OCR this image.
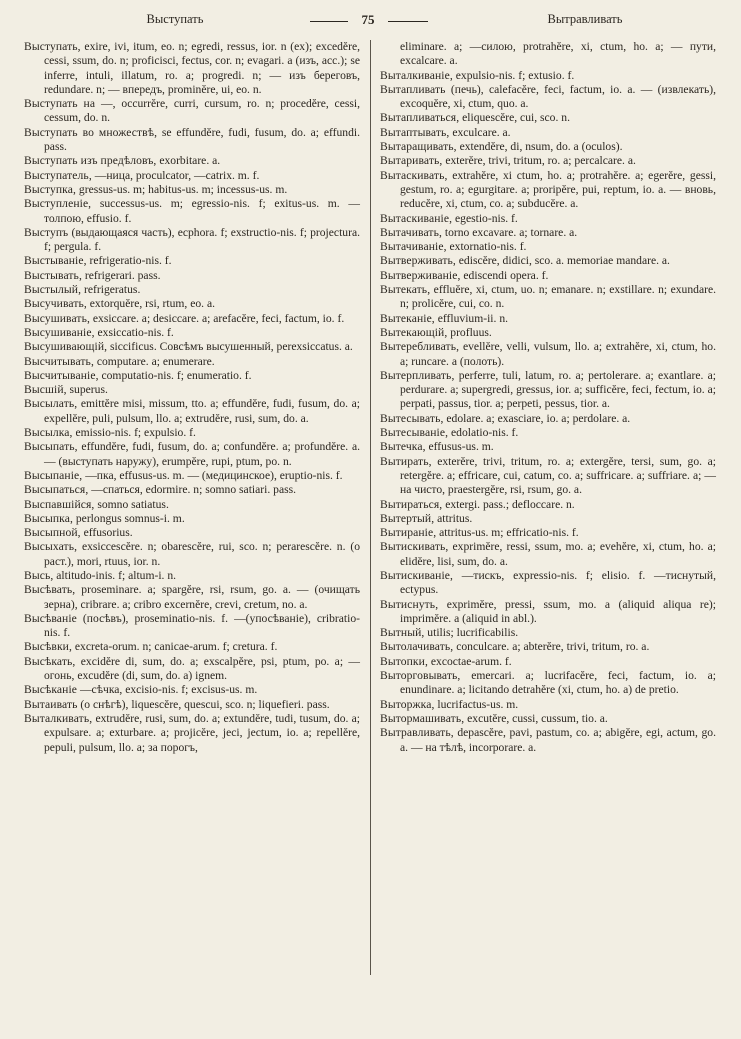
Выступать	75	Вытравливать

Выступать, exire, ivi, itum, eo. n; egredi, ressus, ior. n (ex); excedĕre, cessi, ssum, do. n; proficisci, fectus, cor. n; evagari. a (изъ, acc.); se inferre, intuli, illatum, ro. a; progredi. n; — изъ береговъ, redundare. n; — впередъ, prominĕre, ui, eo. n.

Выступать на —, occurrĕre, curri, cursum, ro. n; procedĕre, cessi, cessum, do. n.

Выступать во множествѣ, se effundĕre, fudi, fusum, do. a; effundi. pass.

Выступать изъ предѣловъ, exorbitare. a.

Выступатель, —ница, proculcator, —catrix. m. f.

Выступка, gressus-us. m; habitus-us. m; incessus-us. m.

Выступленіе, successus-us. m; egressio-nis. f; exitus-us. m. — толпою, effusio. f.

Выступъ (выдающаяся часть), ecphora. f; exstructio-nis. f; projectura. f; pergula. f.

Выстываніе, refrigeratio-nis. f.

Выстывать, refrigerari. pass.

Выстылый, refrigeratus.

Высучивать, extorquĕre, rsi, rtum, eo. a.

Высушивать, exsiccare. a; desiccare. a; arefacĕre, feci, factum, io. f.

Высушиваніе, exsiccatio-nis. f.

Высушивающій, siccificus. Совсѣмъ высушенный, perexsiccatus. a.

Высчитывать, computare. a; enumerare.

Высчитываніе, computatio-nis. f; enumeratio. f.

Высшій, superus.

Высылать, emittĕre misi, missum, tto. a; effundĕre, fudi, fusum, do. a; expellĕre, puli, pulsum, llo. a; extrudĕre, rusi, sum, do. a.

Высылка, emissio-nis. f; expulsio. f.

Высыпать, effundĕre, fudi, fusum, do. a; confundĕre. a; profundĕre. a. — (выступать наружу), erumpĕre, rupi, ptum, po. n.

Высыпаніе, —пка, effusus-us. m. — (медицинское), eruptio-nis. f.

Высыпаться, —спаться, edormire. n; somno satiari. pass.

Выспавшійся, somno satiatus.

Высыпка, perlongus somnus-i. m.

Высыпной, effusorius.

Высыхать, exsiccescĕre. n; obarescĕre, rui, sco. n; perarescĕre. n. (о раст.), mori, rtuus, ior. n.

Высь, altitudo-inis. f; altum-i. n.

Высѣвать, proseminare. a; spargĕre, rsi, rsum, go. a. — (очищать зерна), cribrare. a; cribro excernĕre, crevi, cretum, no. a.

Высѣваніе (посѣвъ), proseminatio-nis. f. —(упосѣваніе), cribratio-nis. f.

Высѣвки, excreta-orum. n; canicae-arum. f; cretura. f.

Высѣкать, excidĕre di, sum, do. a; exscalpĕre, psi, ptum, po. a; — огонь, excudĕre (di, sum, do. a) ignem.

Высѣканіе —сѣчка, excisio-nis. f; excisus-us. m.

Вытаивать (о снѣгѣ), liquescĕre, quescui, sco. n; liquefieri. pass.

Выталкивать, extrudĕre, rusi, sum, do. a; extundĕre, tudi, tusum, do. a; expulsare. a; exturbare. a; projicĕre, jeci, jectum, io. a; repellĕre, pepuli, pulsum, llo. a; за порогъ,

eliminare. a; —силою, protrahĕre, xi, ctum, ho. a; — пути, excalcare. a.

Выталкиваніе, expulsio-nis. f; extusio. f.

Вытапливать (печь), calefacĕre, feci, factum, io. a. — (извлекать), excoquĕre, xi, ctum, quo. a.

Вытапливаться, eliquescĕre, cui, sco. n.

Вытаптывать, exculcare. a.

Вытаращивать, extendĕre, di, nsum, do. a (oculos).

Вытаривать, exterĕre, trivi, tritum, ro. a; percalcare. a.

Вытаскивать, extrahĕre, xi ctum, ho. a; protrahĕre. a; egerĕre, gessi, gestum, ro. a; egurgitare. a; proripĕre, pui, reptum, io. a. — вновь, reducĕre, xi, ctum, co. a; subducĕre. a.

Вытаскиваніе, egestio-nis. f.

Вытачивать, torno excavare. a; tornare. a.

Вытачиваніе, extornatio-nis. f.

Вытверживать, ediscĕre, didici, sco. a. memoriae mandare. a.

Вытверживаніе, ediscendi opera. f.

Вытекать, effluĕre, xi, ctum, uo. n; emanare. n; exstillare. n; exundare. n; prolicĕre, cui, co. n.

Вытеканіе, effluvium-ii. n.

Вытекающій, profluus.

Вытеребливать, evellĕre, velli, vulsum, llo. a; extrahĕre, xi, ctum, ho. a; runcare. a (полоть).

Вытерпливать, perferre, tuli, latum, ro. a; pertolerare. a; exantlare. a; perdurare. a; supergredi, gressus, ior. a; sufficĕre, feci, fectum, io. a; perpati, passus, tior. a; perpeti, pessus, tior. a.

Вытесывать, edolare. a; exasciare, io. a; perdolare. a.

Вытесываніе, edolatio-nis. f.

Вытечка, effusus-us. m.

Вытирать, exterĕre, trivi, tritum, ro. a; extergĕre, tersi, sum, go. a; retergĕre. a; effricare, cui, catum, co. a; suffricare. a; suffriare. a; — на чисто, praestergĕre, rsi, rsum, go. a.

Вытираться, extergi. pass.; defloccare. n.

Вытертый, attritus.

Вытираніе, attritus-us. m; effricatio-nis. f.

Вытискивать, exprimĕre, ressi, ssum, mo. a; evehĕre, xi, ctum, ho. a; elidĕre, lisi, sum, do. a.

Вытискиваніе, —тискъ, expressio-nis. f; elisio. f. —тиснутый, ectypus.

Вытиснуть, exprimĕre, pressi, ssum, mo. a (aliquid aliqua re); imprimĕre. a (aliquid in abl.).

Вытный, utilis; lucrificabilis.

Вытолачивать, conculcare. a; abterĕre, trivi, tritum, ro. a.

Вытопки, excoctae-arum. f.

Выторговывать, emercari. a; lucrifacĕre, feci, factum, io. a; enundinare. a; licitando detrahĕre (xi, ctum, ho. a) de pretio.

Выторжка, lucrifactus-us. m.

Вытормашивать, excutĕre, cussi, cussum, tio. a.

Вытравливать, depascĕre, pavi, pastum, co. a; abigĕre, egi, actum, go. a. — на тѣлѣ, incorporare. a.
